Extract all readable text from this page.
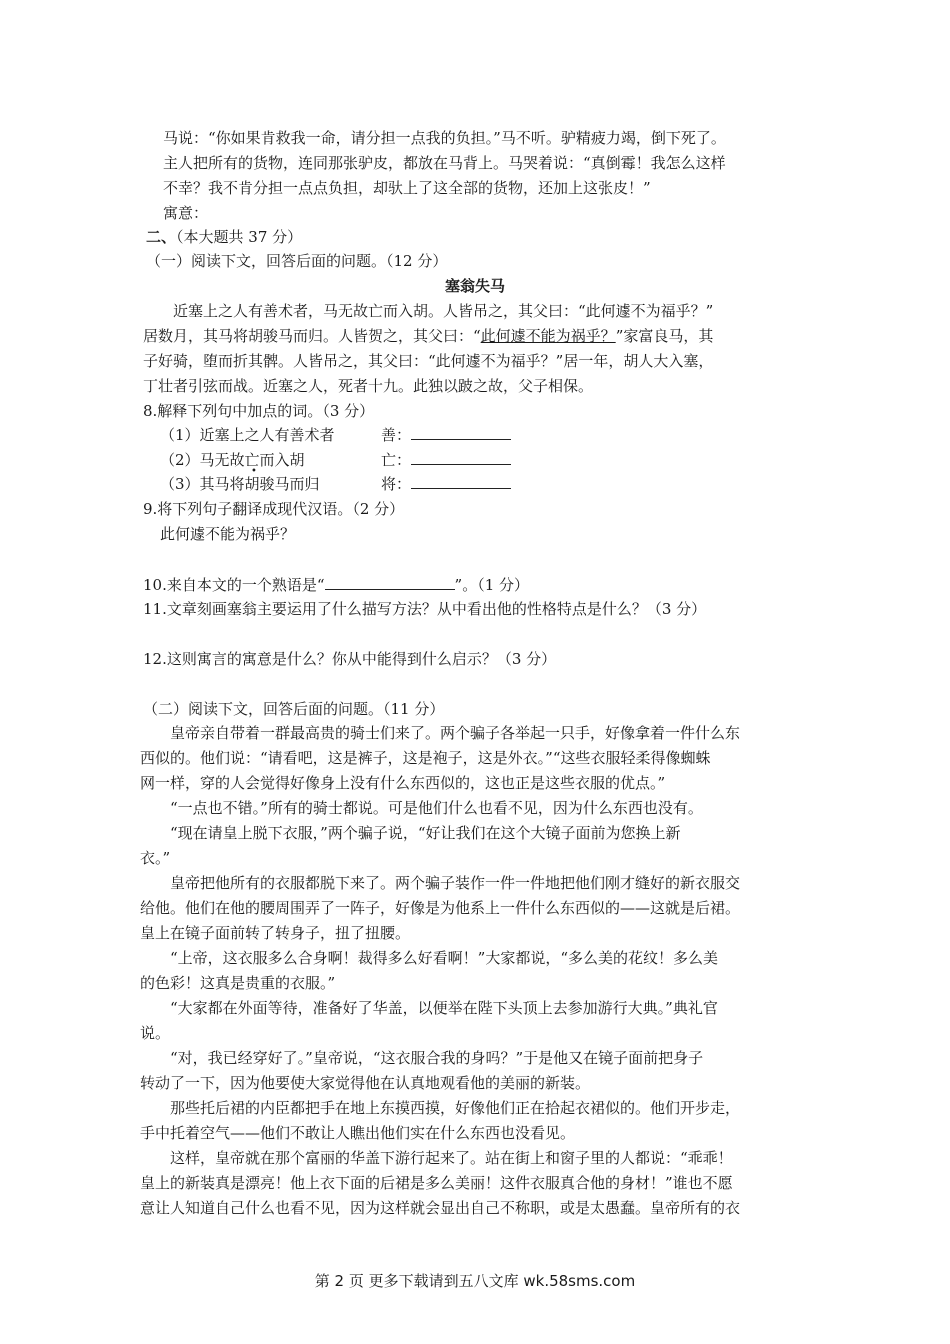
马说：“你如果肯救我一命，请分担一点我的负担。”马不听。驴精疲力竭，倒下死了。
主人把所有的货物，连同那张驴皮，都放在马背上。马哭着说：“真倒霉！我怎么这样
不幸？我不肯分担一点点负担，却驮上了这全部的货物，还加上这张皮！”
寓意：
二、（本大题共 37 分）
（一）阅读下文，回答后面的问题。（12 分）
塞翁失马
近塞上之人有善术者，马无故亡而入胡。人皆吊之，其父曰：“此何遽不为福乎？”
居数月，其马将胡骏马而归。人皆贺之，其父曰：“此何遽不能为祸乎？”家富良马，其
子好骑，堕而折其髀。人皆吊之，其父曰：“此何遽不为福乎？”居一年，胡人大入塞，
丁壮者引弦而战。近塞之人，死者十九。此独以跛之故，父子相保。
8.解释下列句中加点的词。（3 分）
（1）近塞上之人有善术者	善：
（2）马无故亡而入胡	亡：
•
（3）其马将胡骏马而归	将：
9.将下列句子翻译成现代汉语。（2 分）
此何遽不能为祸乎？
10.来自本文的一个熟语是“	”。（1 分）
11.文章刻画塞翁主要运用了什么描写方法？从中看出他的性格特点是什么？（3 分）
12.这则寓言的寓意是什么？你从中能得到什么启示？（3 分）
（二）阅读下文，回答后面的问题。（11 分）
皇帝亲自带着一群最高贵的骑士们来了。两个骗子各举起一只手，好像拿着一件什么东
西似的。他们说：“请看吧，这是裤子，这是袍子，这是外衣。”“这些衣服轻柔得像蜘蛛
网一样，穿的人会觉得好像身上没有什么东西似的，这也正是这些衣服的优点。”
“一点也不错。”所有的骑士都说。可是他们什么也看不见，因为什么东西也没有。
“现在请皇上脱下衣服，”两个骗子说，“好让我们在这个大镜子面前为您换上新
衣。”
皇帝把他所有的衣服都脱下来了。两个骗子装作一件一件地把他们刚才缝好的新衣服交
给他。他们在他的腰周围弄了一阵子，好像是为他系上一件什么东西似的——这就是后裙。
皇上在镜子面前转了转身子，扭了扭腰。
“上帝，这衣服多么合身啊！裁得多么好看啊！”大家都说，“多么美的花纹！多么美
的色彩！这真是贵重的衣服。”
“大家都在外面等待，准备好了华盖，以便举在陛下头顶上去参加游行大典。”典礼官
说。
“对，我已经穿好了。”皇帝说，“这衣服合我的身吗？”于是他又在镜子面前把身子
转动了一下，因为他要使大家觉得他在认真地观看他的美丽的新装。
那些托后裙的内臣都把手在地上东摸西摸，好像他们正在拾起衣裙似的。他们开步走，
手中托着空气——他们不敢让人瞧出他们实在什么东西也没看见。
这样，皇帝就在那个富丽的华盖下游行起来了。站在街上和窗子里的人都说：“乖乖！
皇上的新装真是漂亮！他上衣下面的后裙是多么美丽！这件衣服真合他的身材！”谁也不愿
意让人知道自己什么也看不见，因为这样就会显出自己不称职，或是太愚蠢。皇帝所有的衣
第 2 页 更多下载请到五八文库 wk.58sms.com
